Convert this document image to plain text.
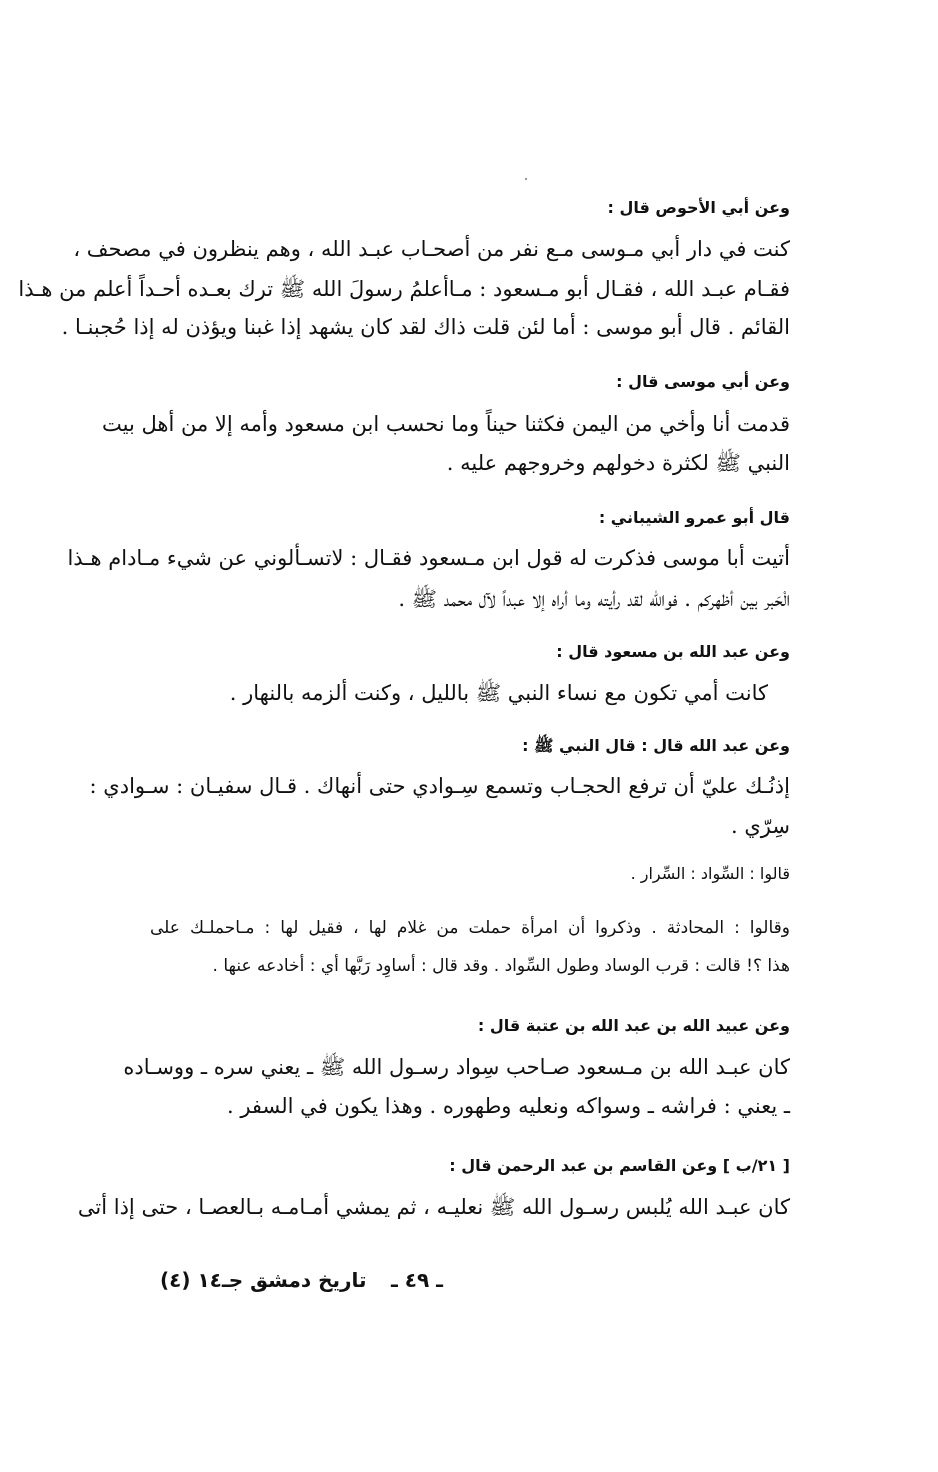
وعن أبي الأحوص قال :

كنت في دار أبي مـوسى مـع نفر من أصحـاب عبـد الله ، وهم ينظرون في مصحف ،

فقـام عبـد الله ، فقـال أبو مـسعود : مـاأعلمُ رسولَ الله ﷺ ترك بعـده أحـداً أعلم من هـذا

القائم . قال أبو موسى : أما لئن قلت ذاك لقد كان يشهد إذا غبنا ويؤذن له إذا حُجبنـا .

وعن أبي موسى قال :

قدمت أنا وأخي من اليمن فكثنا حيناً وما نحسب ابن مسعود وأمه إلا من أهل بيت

النبي ﷺ لكثرة دخولهم وخروجهم عليه .

قال أبو عمرو الشيباني :

أتيت أبا موسى فذكرت له قول ابن مـسعود فقـال : لاتسـألوني عن شيء مـادام هـذا

الْحَبر بين أظهركم . فوالله لقد رأيته وما أراه إلا عبداً لآل محمد ﷺ .

وعن عبد الله بن مسعود قال :

كانت أمي تكون مع نساء النبي ﷺ بالليل ، وكنت ألزمه بالنهار .

وعن عبد الله قال : قال النبي ﷺ :

إذنُـك عليّ أن ترفع الحجـاب وتسمع سِـوادي حتى أنهاك . قـال سفيـان : سـوادي :

سِرّي .

قالوا : السِّواد : السِّرار .

وقالوا : المحادثة . وذكروا أن امرأة حملت من غلام لها ، فقيل لها : مـاحملـك على

هذا ؟! قالت : قرب الوساد وطول السِّواد . وقد قال : أساوِد رَبَّها أي : أخادعه عنها .

وعن عبيد الله بن عبد الله بن عتبة قال :

كان عبـد الله بن مـسعود صـاحب سِواد رسـول الله ﷺ ـ يعني سره ـ ووسـاده

ـ يعني : فراشه ـ وسواكه ونعليه وطهوره . وهذا يكون في السفر .

[ ٢١/ب ] وعن القاسم بن عبد الرحمن قال :

كان عبـد الله يُلبس رسـول الله ﷺ نعليـه ، ثم يمشي أمـامـه بـالعصـا ، حتى إذا أتى

ـ ٤٩ ـ
تاريخ دمشق جـ١٤ (٤)
